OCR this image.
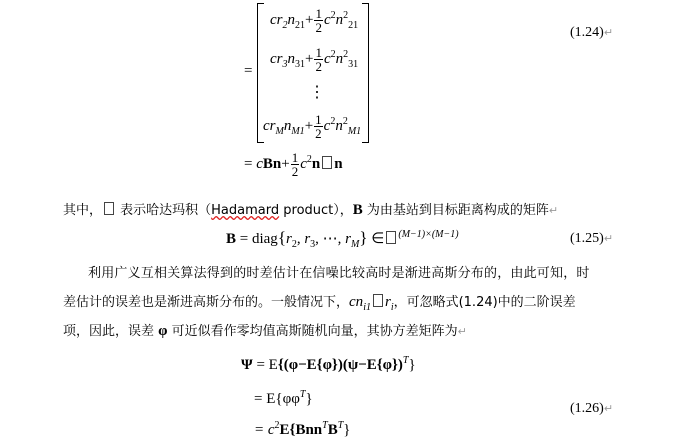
=
$cr_2n_{21}+ \frac{1}{2} c^2n^2_{21}$
$cr_3n_{31}+ \frac{1}{2} c^2n^2_{31}$
⋮
$cr_Mn_{M1}+ \frac{1}{2} c^2n^2_{M1}$
= $cBn+ \frac{1}{2} c^2n$ n
(1.24)↵
其中， 表示哈达玛积（Hadamard product），B 为由基站到目标距离构成的矩阵↵
$B = diag\{r_2$, $r_3$, ⋯, $r_M$} ∈ $^{(M-1)\times(M-1)}$	(1.25)↵
利用广义互相关算法得到的时差估计在信噪比较高时是渐进高斯分布的，由此可知，时
差估计的误差也是渐进高斯分布的。一般情况下，$cn_{i1}$ $r_i$，可忽略式(1.24)中的二阶误差
项，因此，误差 φ 可近似看作零均值高斯随机向量，其协方差矩阵为↵
$\Psi = E\{(\varphi-E\{\varphi\})(\psi-E\{\varphi\})^T\}$
= $E\{\varphi\varphi^T\}$
= $c^2E\{Bnn^TB^T\}$
(1.26)↵
